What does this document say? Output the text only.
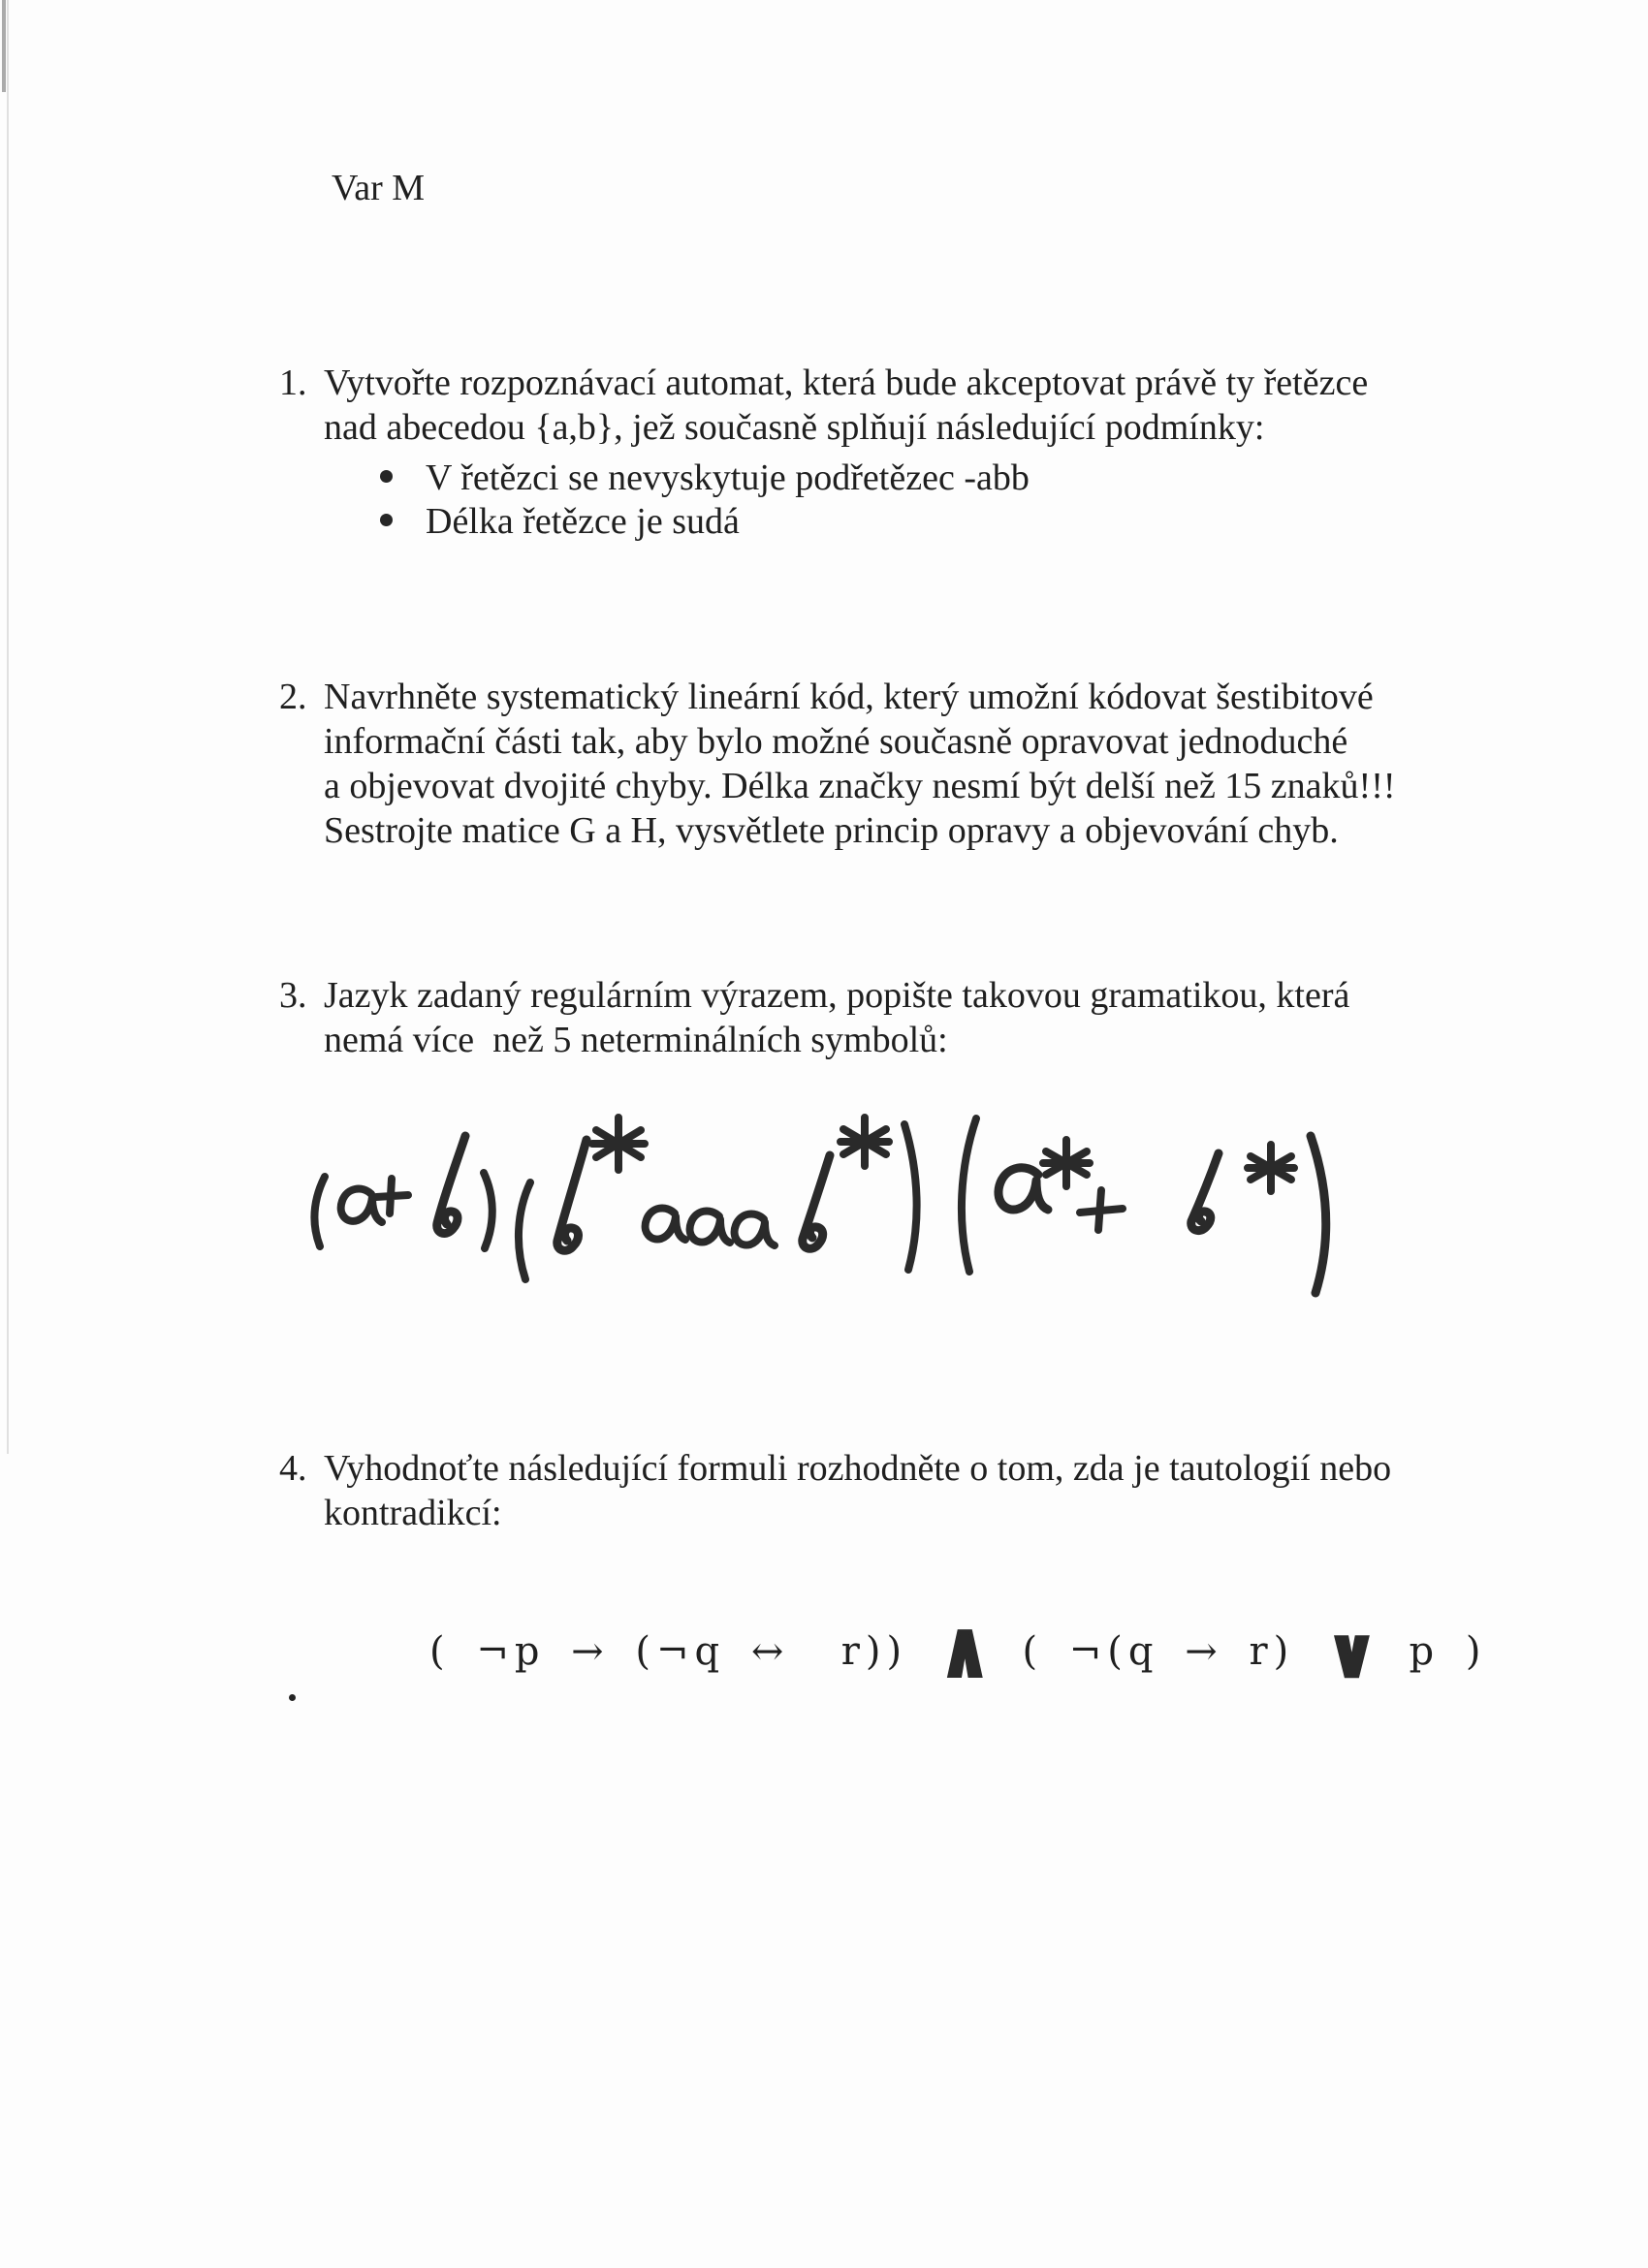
Var M
1. Vytvořte rozpoznávací automat, která bude akceptovat právě ty řetězce
nad abecedou {a,b}, jež současně splňují následující podmínky:
V řetězci se nevyskytuje podřetězec -abb
Délka řetězce je sudá
2. Navrhněte systematický lineární kód, který umožní kódovat šestibitové
informační části tak, aby bylo možné současně opravovat jednoduché
a objevovat dvojité chyby. Délka značky nesmí být delší než 15 znaků!!!
Sestrojte matice G a H, vysvětlete princip opravy a objevování chyb.
3. Jazyk zadaný regulárním výrazem, popište takovou gramatikou, která
nemá více  než 5 neterminálních symbolů:
4. Vyhodnoťte následující formuli rozhodněte o tom, zda je tautologií nebo
kontradikcí:
( ¬p → (¬q ↔  r)) ∧ ( ¬(q → r) ∨ p )
